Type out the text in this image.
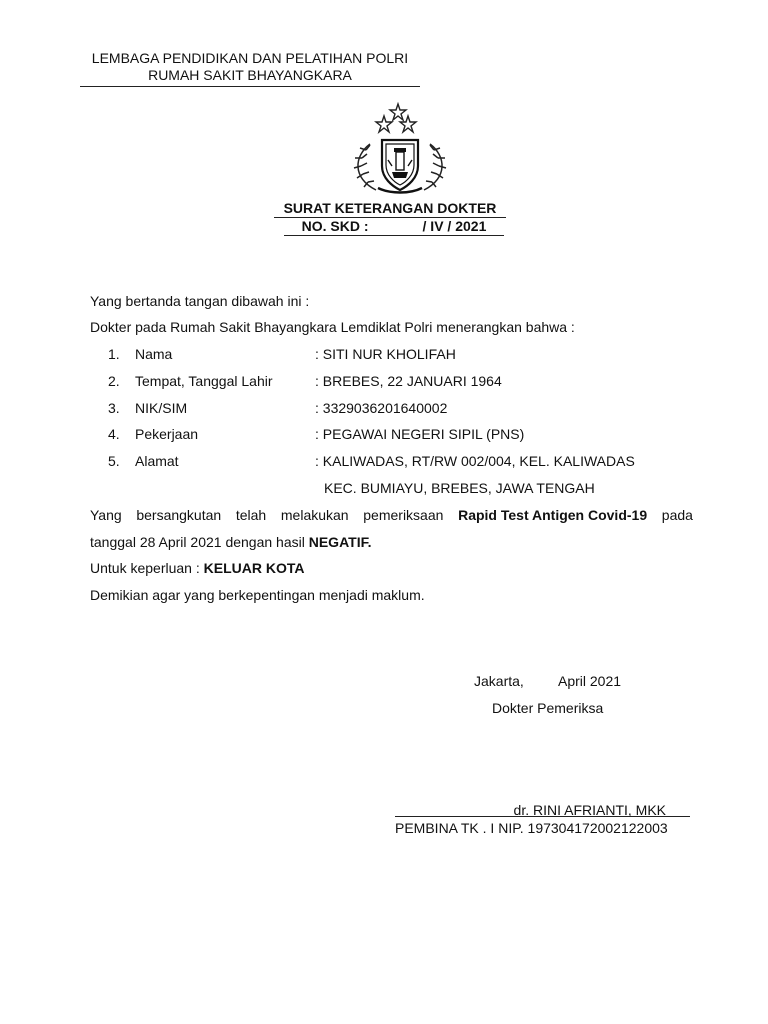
LEMBAGA PENDIDIKAN DAN PELATIHAN POLRI
RUMAH SAKIT BHAYANGKARA
SURAT KETERANGAN DOKTER
NO. SKD :	/ IV / 2021
Yang bertanda tangan dibawah ini :
Dokter pada Rumah Sakit Bhayangkara Lemdiklat Polri menerangkan bahwa :
1. Nama	: SITI NUR KHOLIFAH
2. Tempat, Tanggal Lahir	: BREBES, 22 JANUARI 1964
3. NIK/SIM	: 3329036201640002
4. Pekerjaan	: PEGAWAI NEGERI SIPIL (PNS)
5. Alamat	: KALIWADAS, RT/RW 002/004, KEL. KALIWADAS
KEC. BUMIAYU, BREBES, JAWA TENGAH
Yang bersangkutan telah melakukan pemeriksaan Rapid Test Antigen Covid-19 pada
tanggal 28 April 2021 dengan hasil NEGATIF.
Untuk keperluan : KELUAR KOTA
Demikian agar yang berkepentingan menjadi maklum.
Jakarta, April 2021
Dokter Pemeriksa
dr. RINI AFRIANTI, MKK
PEMBINA TK . I NIP. 197304172002122003
